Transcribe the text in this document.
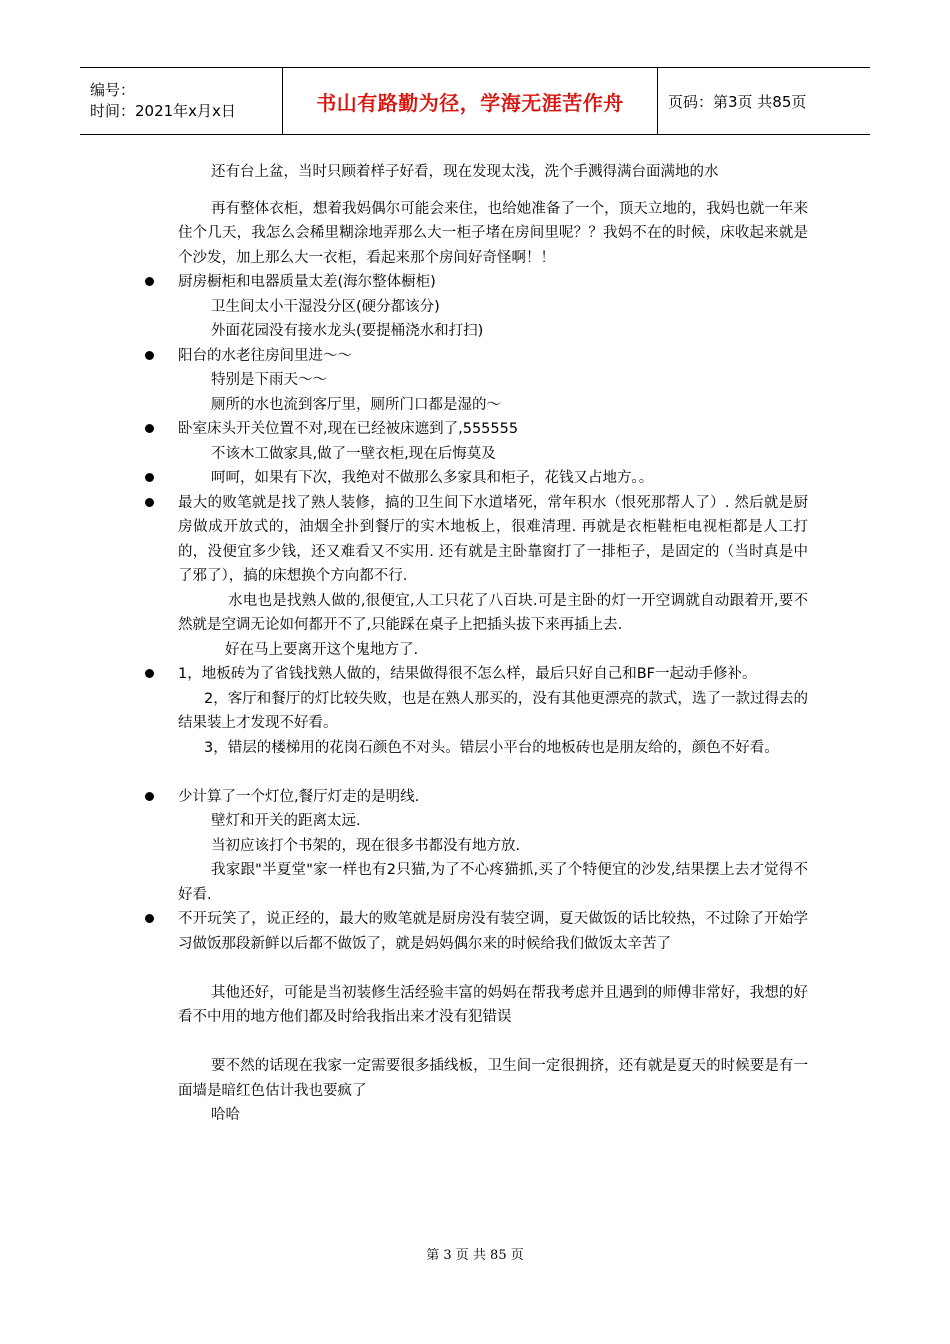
编号：
时间：2021年x月x日	书山有路勤为径，学海无涯苦作舟	页码：第3页 共85页

还有台上盆，当时只顾着样子好看，现在发现太浅，洗个手溅得满台面满地的水

再有整体衣柜，想着我妈偶尔可能会来住，也给她准备了一个，顶天立地的，我妈也就一年来住个几天，我怎么会稀里糊涂地弄那么大一柜子堵在房间里呢？？我妈不在的时候，床收起来就是个沙发，加上那么大一衣柜，看起来那个房间好奇怪啊！！

厨房橱柜和电器质量太差(海尔整体橱柜)

卫生间太小干湿没分区(硬分都该分)

外面花园没有接水龙头(要提桶浇水和打扫)

阳台的水老往房间里进～～

特别是下雨天～～

厕所的水也流到客厅里，厕所门口都是湿的～

卧室床头开关位置不对,现在已经被床遮到了,555555

不该木工做家具,做了一壁衣柜,现在后悔莫及

呵呵，如果有下次，我绝对不做那么多家具和柜子，花钱又占地方。。

最大的败笔就是找了熟人装修，搞的卫生间下水道堵死，常年积水（恨死那帮人了）. 然后就是厨房做成开放式的，油烟全扑到餐厅的实木地板上，很难清理. 再就是衣柜鞋柜电视柜都是人工打的，没便宜多少钱，还又难看又不实用. 还有就是主卧靠窗打了一排柜子，是固定的（当时真是中了邪了），搞的床想换个方向都不行.

水电也是找熟人做的,很便宜,人工只花了八百块.可是主卧的灯一开空调就自动跟着开,要不然就是空调无论如何都开不了,只能踩在桌子上把插头拔下来再插上去.

好在马上要离开这个鬼地方了.

1，地板砖为了省钱找熟人做的，结果做得很不怎么样，最后只好自己和BF一起动手修补。

2，客厅和餐厅的灯比较失败，也是在熟人那买的，没有其他更漂亮的款式，选了一款过得去的结果装上才发现不好看。

3，错层的楼梯用的花岗石颜色不对头。错层小平台的地板砖也是朋友给的，颜色不好看。

少计算了一个灯位,餐厅灯走的是明线.

壁灯和开关的距离太远.

当初应该打个书架的，现在很多书都没有地方放.

我家跟"半夏堂"家一样也有2只猫,为了不心疼猫抓,买了个特便宜的沙发,结果摆上去才觉得不好看.

不开玩笑了，说正经的，最大的败笔就是厨房没有装空调，夏天做饭的话比较热，不过除了开始学习做饭那段新鲜以后都不做饭了，就是妈妈偶尔来的时候给我们做饭太辛苦了

其他还好，可能是当初装修生活经验丰富的妈妈在帮我考虑并且遇到的师傅非常好，我想的好看不中用的地方他们都及时给我指出来才没有犯错误

要不然的话现在我家一定需要很多插线板，卫生间一定很拥挤，还有就是夏天的时候要是有一面墙是暗红色估计我也要疯了

哈哈

第 3 页 共 85 页
